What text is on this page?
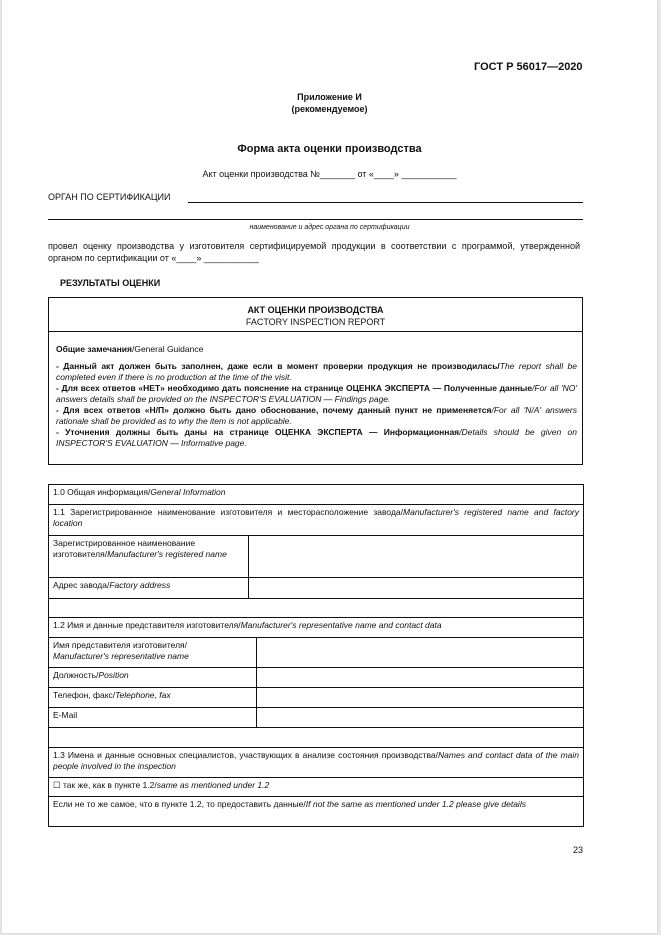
ГОСТ Р 56017—2020
Приложение И
(рекомендуемое)
Форма акта оценки производства
Акт оценки производства №_______ от «____» ___________
ОРГАН ПО СЕРТИФИКАЦИИ
наименование и адрес органа по сертификации
провел оценку производства у изготовителя сертифицируемой продукции в соответствии с программой, утвержденной органом по сертификации от «____» ___________
РЕЗУЛЬТАТЫ ОЦЕНКИ
АКТ ОЦЕНКИ ПРОИЗВОДСТВА
FACTORY INSPECTION REPORT
Общие замечания/General Guidance
- Данный акт должен быть заполнен, даже если в момент проверки продукция не производилась/The report shall be completed even if there is no production at the time of the visit.
- Для всех ответов «НЕТ» необходимо дать пояснение на странице ОЦЕНКА ЭКСПЕРТА — Полученные данные/For all 'NO' answers details shall be provided on the INSPECTOR'S EVALUATION — Findings page.
- Для всех ответов «Н/П» должно быть дано обоснование, почему данный пункт не применяется/For all 'N/A' answers rationale shall be provided as to why the item is not applicable.
- Уточнения должны быть даны на странице ОЦЕНКА ЭКСПЕРТА — Информационная/Details should be given on INSPECTOR'S EVALUATION — Informative page.
1.0 Общая информация/General Information	
1.1 Зарегистрированное наименование изготовителя и месторасположение завода/Manufacturer's registered name and factory location	
Зарегистрированное наименование изготовителя/Manufacturer's registered name	
Адрес завода/Factory address	

1.2 Имя и данные представителя изготовителя/Manufacturer's representative name and contact data	
Имя представителя изготовителя/
Manufacturer's representative name	
Должность/Position	
Телефон, факс/Telephone, fax	
E-Mail	

1.3 Имена и данные основных специалистов, участвующих в анализе состояния производства/Names and contact data of the main people involved in the inspection	
☐ так же, как в пункте 1.2/same as mentioned under 1.2	
Если не то же самое, что в пункте 1.2, то предоставить данные/If not the same as mentioned under 1.2 please give details	
23
